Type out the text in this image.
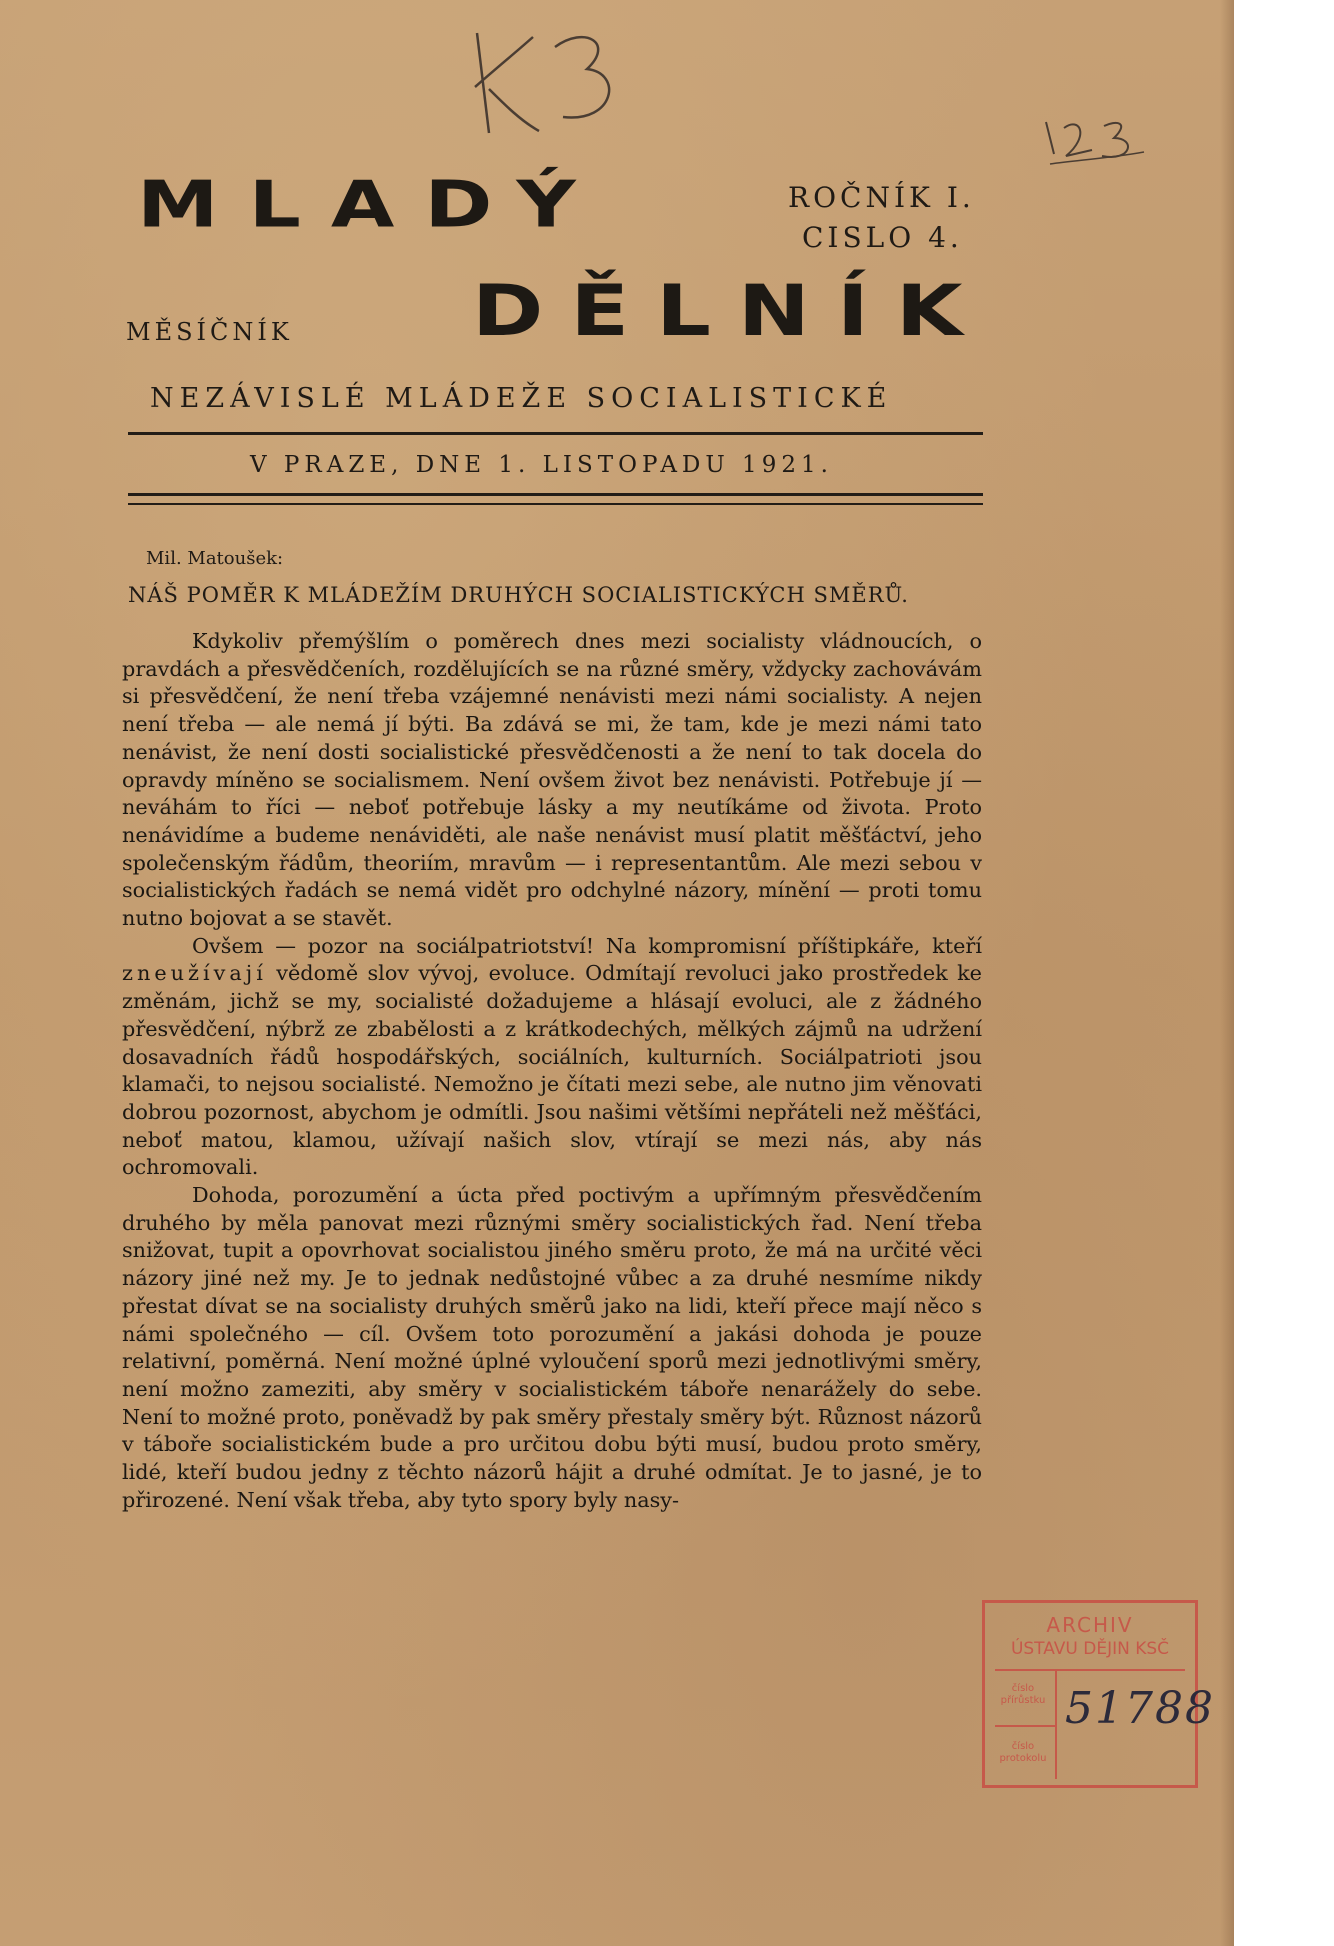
MLADÝ	ROČNÍK I.
CISLO 4.
MĚSÍČNÍK DĚLNÍK
NEZÁVISLÉ MLÁDEŽE SOCIALISTICKÉ
V PRAZE, DNE 1. LISTOPADU 1921.
Mil. Matoušek:
NÁŠ POMĚR K MLÁDEŽÍM DRUHÝCH SOCIALISTICKÝCH SMĚRŮ.

Kdykoliv přemýšlím o poměrech dnes mezi socialisty vládnoucích, o pravdách a přesvědčeních, rozdělujících se na různé směry, vždycky zachovávám si přesvědčení, že není třeba vzájemné nenávisti mezi námi socialisty. A nejen není třeba — ale nemá jí býti. Ba zdává se mi, že tam, kde je mezi námi tato nenávist, že není dosti socialistické přesvědčenosti a že není to tak docela do opravdy míněno se socialismem. Není ovšem život bez nenávisti. Potřebuje jí — neváhám to říci — neboť potřebuje lásky a my neutíkáme od života. Proto nenávidíme a budeme nenáviděti, ale naše nenávist musí platit měšťáctví, jeho společenským řádům, theoriím, mravům — i representantům. Ale mezi sebou v socialistických řadách se nemá vidět pro odchylné názory, mínění — proti tomu nutno bojovat a se stavět.

Ovšem — pozor na sociálpatriotství! Na kompromisní příštipkáře, kteří zneužívají vědomě slov vývoj, evoluce. Odmítají revoluci jako prostředek ke změnám, jichž se my, socialisté dožadujeme a hlásají evoluci, ale z žádného přesvědčení, nýbrž ze zbabělosti a z krátkodechých, mělkých zájmů na udržení dosavadních řádů hospodářských, sociálních, kulturních. Sociálpatrioti jsou klamači, to nejsou socialisté. Nemožno je čítati mezi sebe, ale nutno jim věnovati dobrou pozornost, abychom je odmítli. Jsou našimi většími nepřáteli než měšťáci, neboť matou, klamou, užívají našich slov, vtírají se mezi nás, aby nás ochromovali.

Dohoda, porozumění a úcta před poctivým a upřímným přesvědčením druhého by měla panovat mezi různými směry socialistických řad. Není třeba snižovat, tupit a opovrhovat socialistou jiného směru proto, že má na určité věci názory jiné než my. Je to jednak nedůstojné vůbec a za druhé nesmíme nikdy přestat dívat se na socialisty druhých směrů jako na lidi, kteří přece mají něco s námi společného — cíl. Ovšem toto porozumění a jakási dohoda je pouze relativní, poměrná. Není možné úplné vyloučení sporů mezi jednotlivými směry, není možno zameziti, aby směry v socialistickém táboře nenarážely do sebe. Není to možné proto, poněvadž by pak směry přestaly směry být. Různost názorů v táboře socialistickém bude a pro určitou dobu býti musí, budou proto směry, lidé, kteří budou jedny z těchto názorů hájit a druhé odmítat. Je to jasné, je to přirozené. Není však třeba, aby tyto spory byly nasy-

ARCHIV
ÚSTAVU DĚJIN KSČ
číslo přírůstku
číslo protokolu
51788
